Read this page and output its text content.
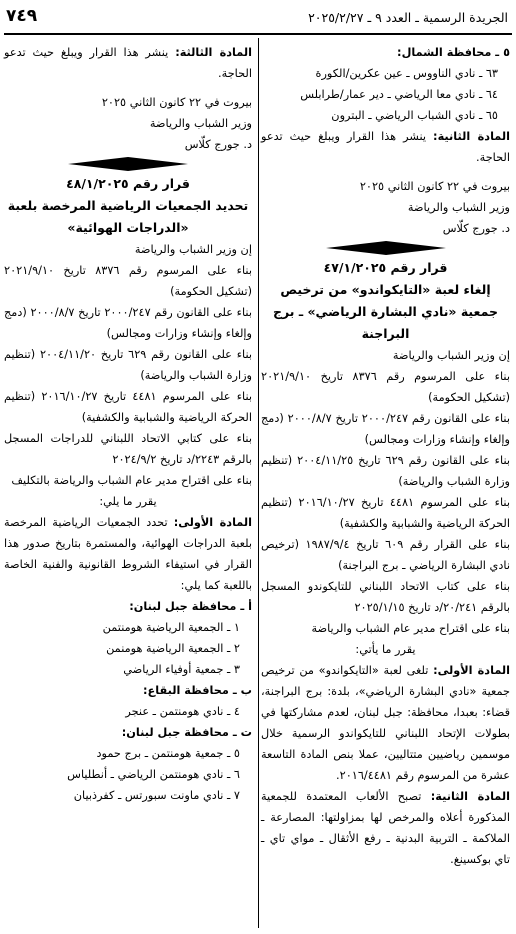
٧٤٩	الجريدة الرسمية ـ العدد ٩ ـ ٢٠٢٥/٢/٢٧

٥ ـ محافظة الشمال:

٦٣ ـ نادي الناووس ـ عين عكرين/الكورة

٦٤ ـ نادي معا الرياضي ـ دير عمار/طرابلس

٦٥ ـ نادي الشباب الرياضي ـ البترون

المادة الثانية: ينشر هذا القرار ويبلغ حيث تدعو الحاجة.

بيروت في ٢٢ كانون الثاني ٢٠٢٥

وزير الشباب والرياضة

د. جورج كلّاس

قرار رقم ٤٧/١/٢٠٢٥

إلغاء لعبة «التايكواندو» من ترخيص

جمعية «نادي البشارة الرياضي» ـ برج البراجنة

إن وزير الشباب والرياضة

بناء على المرسوم رقم ٨٣٧٦ تاريخ ٢٠٢١/٩/١٠ (تشكيل الحكومة)

بناء على القانون رقم ٢٠٠٠/٢٤٧ تاريخ ٢٠٠٠/٨/٧ (دمج وإلغاء وإنشاء وزارات ومجالس)

بناء على القانون رقم ٦٢٩ تاريخ ٢٠٠٤/١١/٢٥ (تنظيم وزارة الشباب والرياضة)

بناء على المرسوم ٤٤٨١ تاريخ ٢٠١٦/١٠/٢٧ (تنظيم الحركة الرياضية والشبابية والكشفية)

بناء على القرار رقم ٦٠٩ تاريخ ١٩٨٧/٩/٤ (ترخيص نادي البشارة الرياضي ـ برج البراجنة)

بناء على كتاب الاتحاد اللبناني للتايكوندو المسجل بالرقم ٢٠/٢٤١/د تاريخ ٢٠٢٥/١/١٥

بناء على اقتراح مدير عام الشباب والرياضة

يقرر ما يأتي:

المادة الأولى: تلغى لعبة «التايكواندو» من ترخيص جمعية «نادي البشارة الرياضي»، بلدة: برج البراجنة، قضاء: بعبدا، محافظة: جبل لبنان، لعدم مشاركتها في بطولات الإتحاد اللبناني للتايكواندو الرسمية خلال موسمين رياضيين متتاليين، عملا بنص المادة التاسعة عشرة من المرسوم رقم ٢٠١٦/٤٤٨١.

المادة الثانية: تصبح الألعاب المعتمدة للجمعية المذكورة أعلاه والمرخص لها بمزاولتها: المصارعة ـ الملاكمة ـ التربية البدنية ـ رفع الأثقال ـ مواي تاي ـ تاي بوكسينغ.

المادة الثالثة: ينشر هذا القرار ويبلغ حيث تدعو الحاجة.

بيروت في ٢٢ كانون الثاني ٢٠٢٥

وزير الشباب والرياضة

د. جورج كلّاس

قرار رقم ٤٨/١/٢٠٢٥

تحديد الجمعيات الرياضية المرخصة بلعبة

«الدراجات الهوائية»

إن وزير الشباب والرياضة

بناء على المرسوم رقم ٨٣٧٦ تاريخ ٢٠٢١/٩/١٠ (تشكيل الحكومة)

بناء على القانون رقم ٢٠٠٠/٢٤٧ تاريخ ٢٠٠٠/٨/٧ (دمج وإلغاء وإنشاء وزارات ومجالس)

بناء على القانون رقم ٦٢٩ تاريخ ٢٠٠٤/١١/٢٠ (تنظيم وزارة الشباب والرياضة)

بناء على المرسوم ٤٤٨١ تاريخ ٢٠١٦/١٠/٢٧ (تنظيم الحركة الرياضية والشبابية والكشفية)

بناء على كتابي الاتحاد اللبناني للدراجات المسجل بالرقم ٢٢٤٣/د تاريخ ٢٠٢٤/٩/٢

بناء على اقتراح مدير عام الشباب والرياضة بالتكليف

يقرر ما يلي:

المادة الأولى: تحدد الجمعيات الرياضية المرخصة بلعبة الدراجات الهوائية، والمستمرة بتاريخ صدور هذا القرار في استيفاء الشروط القانونية والفنية الخاصة باللعبة كما يلي:

أ ـ محافظة جبل لبنان:

١ ـ الجمعية الرياضية هومنتمن

٢ ـ الجمعية الرياضية هومنمن

٣ ـ جمعية أوفياء الرياضي

ب ـ محافظة البقاع:

٤ ـ نادي هومنتمن ـ عنجر

ت ـ محافظة جبل لبنان:

٥ ـ جمعية هومنتمن ـ برج حمود

٦ ـ نادي هومنتمن الرياضي ـ أنطلياس

٧ ـ نادي ماونت سبورتس ـ كفرذبيان
